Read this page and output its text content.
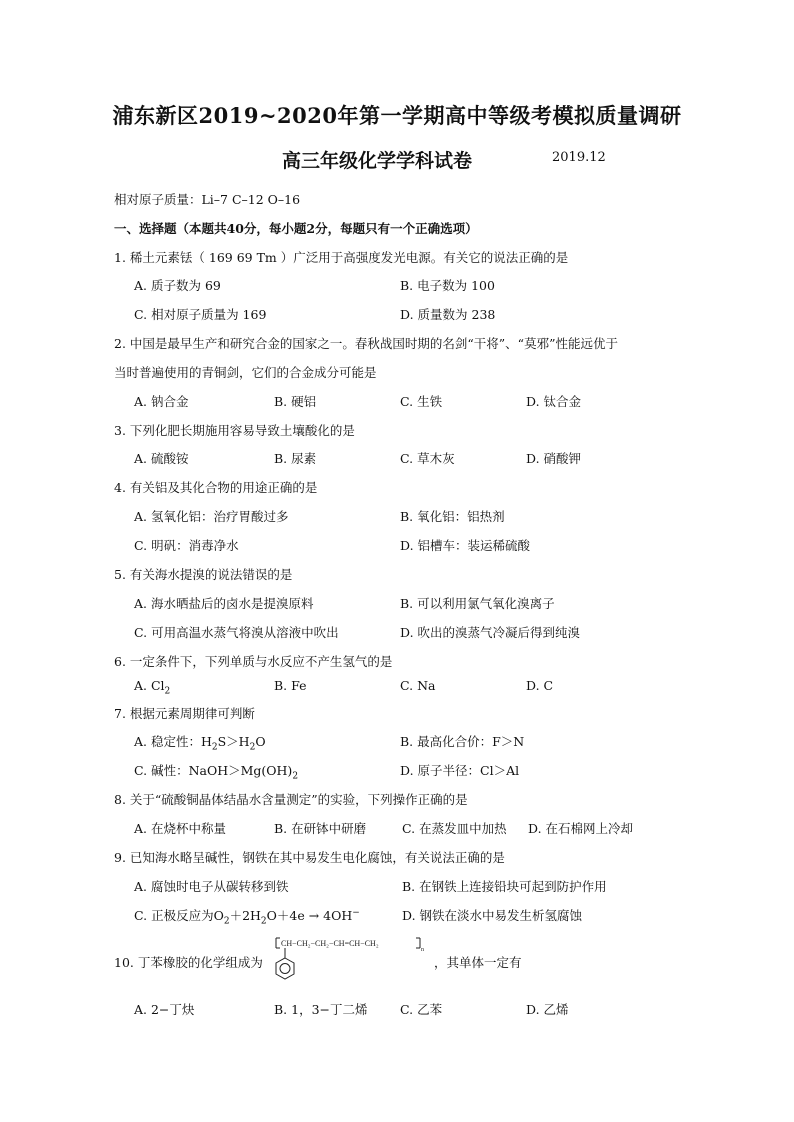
浦东新区2019~2020年第一学期高中等级考模拟质量调研
高三年级化学学科试卷	2019.12
相对原子质量：Li–7 C–12 O–16
一、选择题（本题共40分，每小题2分，每题只有一个正确选项）
1. 稀土元素铥（ 169 69 Tm ）广泛用于高强度发光电源。有关它的说法正确的是
A. 质子数为 69	B. 电子数为 100
C. 相对原子质量为 169	D. 质量数为 238
2. 中国是最早生产和研究合金的国家之一。春秋战国时期的名剑“干将”、“莫邪”性能远优于
当时普遍使用的青铜剑，它们的合金成分可能是
A. 钠合金	B. 硬铝	C. 生铁	D. 钛合金
3. 下列化肥长期施用容易导致土壤酸化的是
A. 硫酸铵	B. 尿素	C. 草木灰	D. 硝酸钾
4. 有关铝及其化合物的用途正确的是
A. 氢氧化铝：治疗胃酸过多	B. 氧化铝：铝热剂
C. 明矾：消毒净水	D. 铝槽车：装运稀硫酸
5. 有关海水提溴的说法错误的是
A. 海水晒盐后的卤水是提溴原料	B. 可以利用氯气氧化溴离子
C. 可用高温水蒸气将溴从溶液中吹出	D. 吹出的溴蒸气冷凝后得到纯溴
6. 一定条件下，下列单质与水反应不产生氢气的是
A. $Cl_2$	B. Fe	C. Na	D. C
7. 根据元素周期律可判断
A. 稳定性：$H_2S>H_2O$	B. 最高化合价：F＞N
C. 碱性：$NaOH>Mg(OH)_2$	D. 原子半径：Cl＞Al
8. 关于“硫酸铜晶体结晶水含量测定”的实验，下列操作正确的是
A. 在烧杯中称量	B. 在研钵中研磨	C. 在蒸发皿中加热 D. 在石棉网上冷却
9. 已知海水略呈碱性，钢铁在其中易发生电化腐蚀，有关说法正确的是
A. 腐蚀时电子从碳转移到铁	B. 在钢铁上连接铅块可起到防护作用
C. 正极反应为$O_2+2H_2O+4e \to 4OH^-$	D. 钢铁在淡水中易发生析氢腐蚀
10. 丁苯橡胶的化学组成为
CH−CH₂−CH₂−CH=CH−CH₂
n
，其单体一定有
A. 2−丁炔	B. 1，3−丁二烯	C. 乙苯	D. 乙烯
